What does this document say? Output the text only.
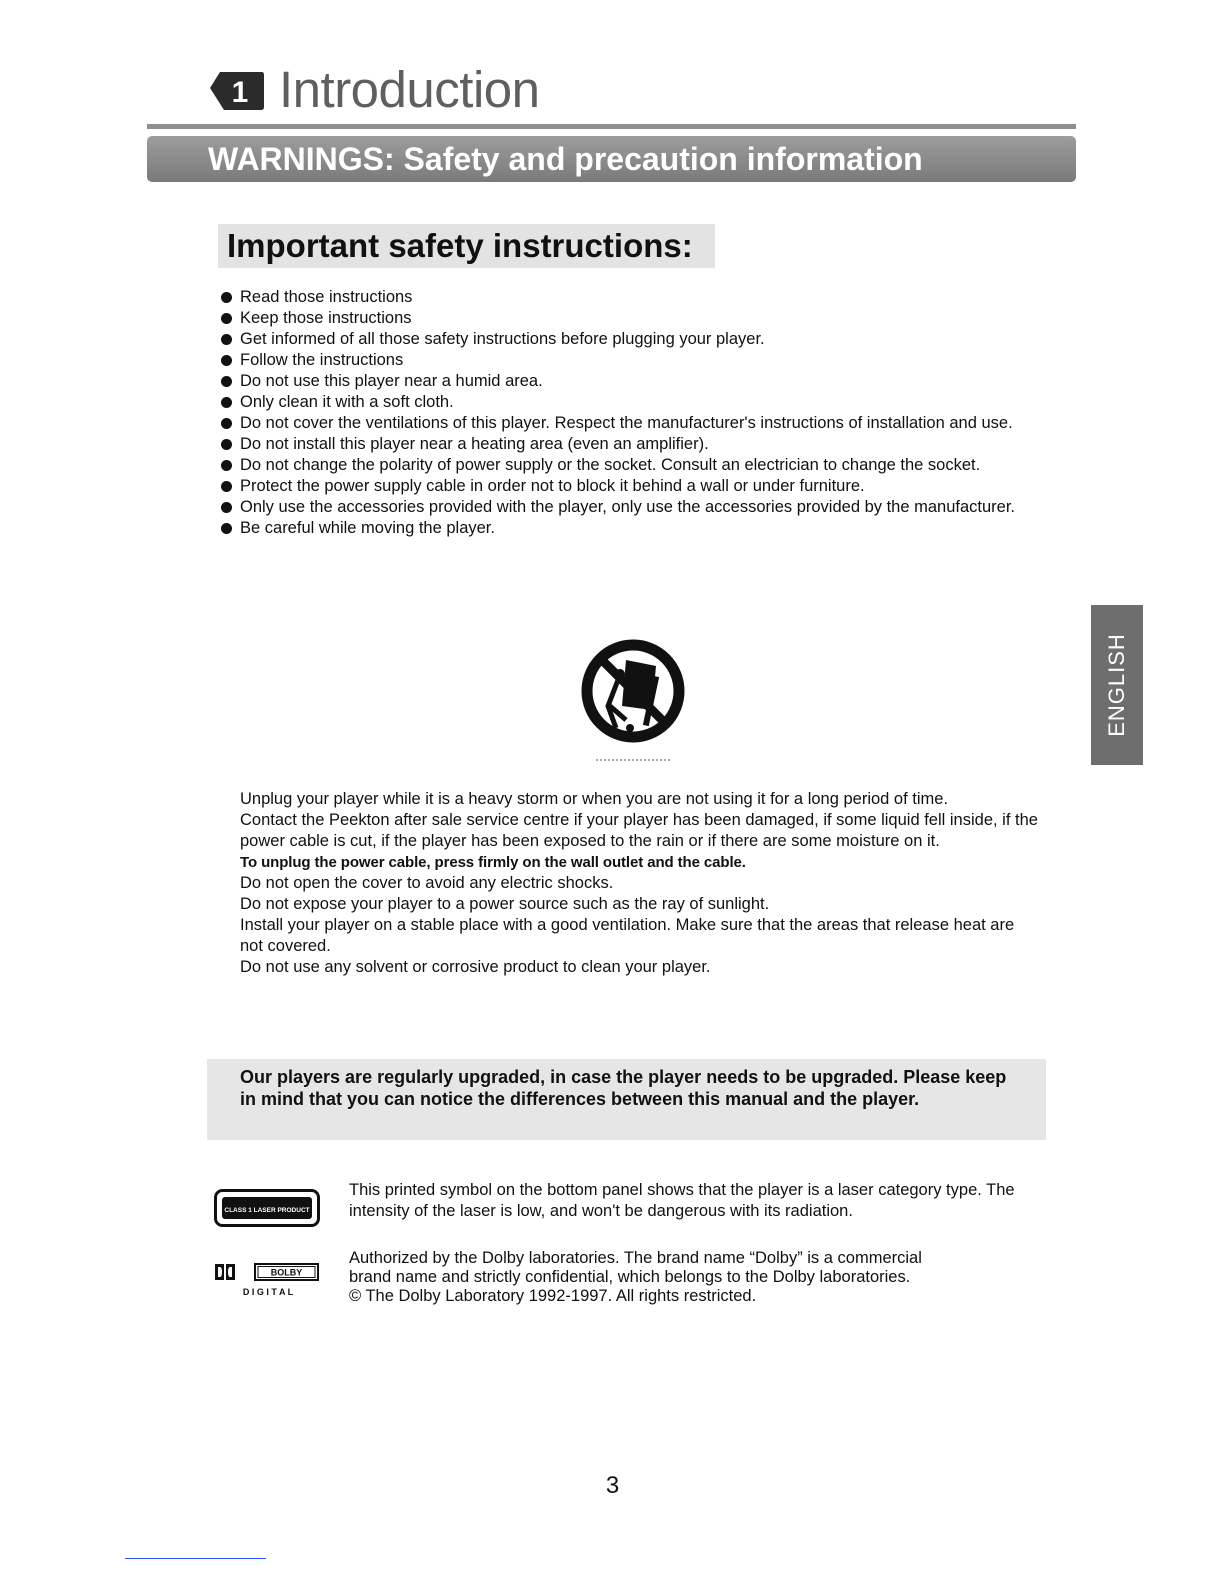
1 Introduction
WARNINGS: Safety and precaution information
Important safety instructions:
Read those instructions
Keep those instructions
Get informed of all those safety instructions before plugging your player.
Follow the instructions
Do not use this player near a humid area.
Only clean it with a soft cloth.
Do not cover the ventilations of this player. Respect the manufacturer's instructions of installation and use.
Do not install this player near a heating area (even an amplifier).
Do not change the polarity of power supply or the socket. Consult an electrician to change the socket.
Protect the power supply cable in order not to block it behind a wall or under furniture.
Only use the accessories provided with the player, only use the accessories provided by the manufacturer.
Be careful while moving the player.

Unplug your player while it is a heavy storm or when you are not using it for a long period of time.

Contact the Peekton after sale service centre if your player has been damaged, if some liquid fell inside, if the power cable is cut, if the player has been exposed to the rain or if there are some moisture on it.

To unplug the power cable, press firmly on the wall outlet and the cable.

Do not open the cover to avoid any electric shocks.

Do not expose your player to a power source such as the ray of sunlight.

Install your player on a stable place with a good ventilation. Make sure that the areas that release heat are not covered.

Do not use any solvent or corrosive product to clean your player.

Our players are regularly upgraded, in case the player needs to be upgraded. Please keep in mind that you can notice the differences between this manual and the player.
CLASS 1 LASER PRODUCT
This printed symbol on the bottom panel shows that the player is a laser category type. The intensity of the laser is low, and won't be dangerous with its radiation.
BOLBY
D I G I T A L
Authorized by the Dolby laboratories. The brand name “Dolby” is a commercial
brand name and strictly confidential, which belongs to the Dolby laboratories.
© The Dolby Laboratory 1992-1997. All rights restricted.
ENGLISH
3
